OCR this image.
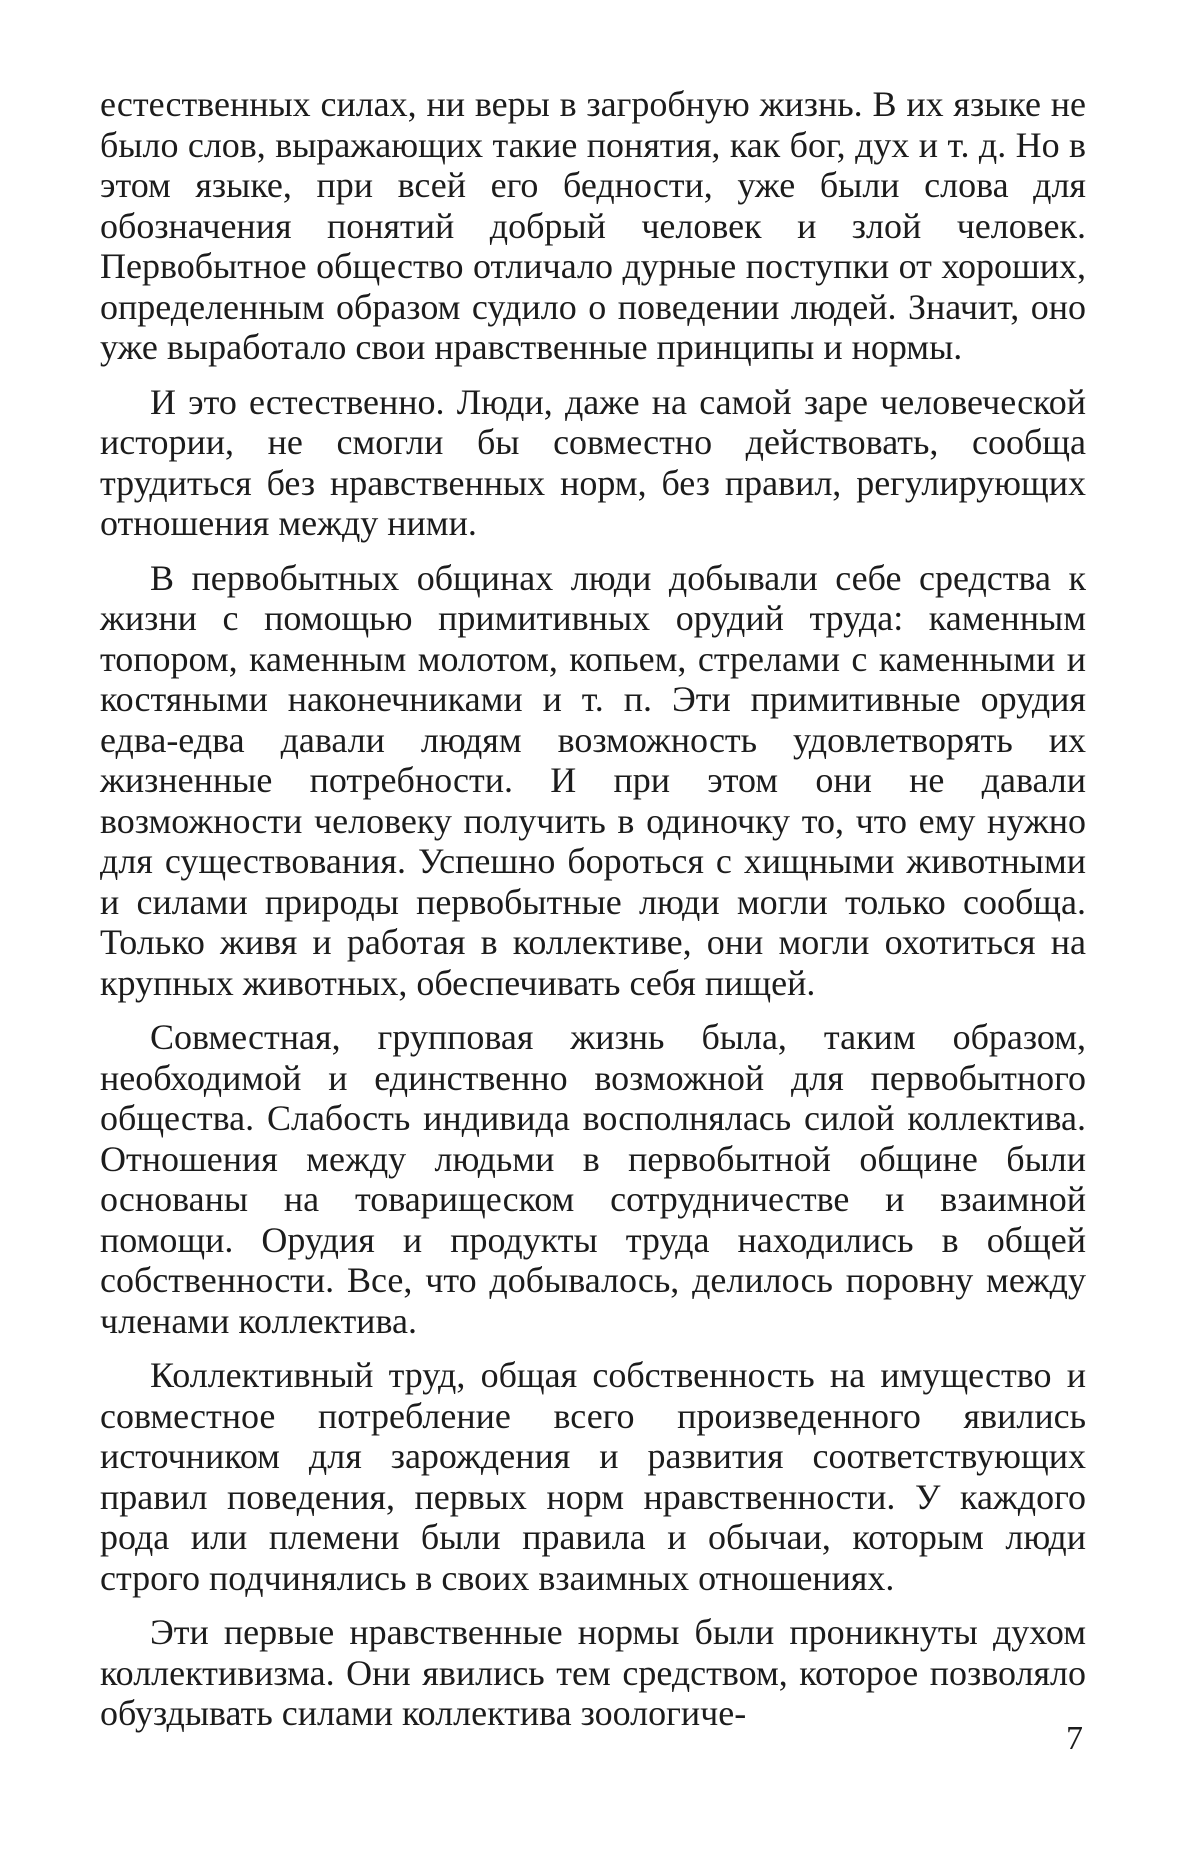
естественных силах, ни веры в загробную жизнь. В их языке не было слов, выражающих такие понятия, как бог, дух и т. д. Но в этом языке, при всей его бедности, уже были слова для обозначения понятий добрый человек и злой человек. Первобытное общество отличало дурные поступки от хороших, определенным образом судило о поведении людей. Значит, оно уже выработало свои нравственные принципы и нормы.

И это естественно. Люди, даже на самой заре человеческой истории, не смогли бы совместно действовать, сообща трудиться без нравственных норм, без правил, регулирующих отношения между ними.

В первобытных общинах люди добывали себе средства к жизни с помощью примитивных орудий труда: каменным топором, каменным молотом, копьем, стрелами с каменными и костяными наконечниками и т. п. Эти примитивные орудия едва-едва давали людям возможность удовлетворять их жизненные потребности. И при этом они не давали возможности человеку получить в одиночку то, что ему нужно для существования. Успешно бороться с хищными животными и силами природы первобытные люди могли только сообща. Только живя и работая в коллективе, они могли охотиться на крупных животных, обеспечивать себя пищей.

Совместная, групповая жизнь была, таким образом, необходимой и единственно возможной для первобытного общества. Слабость индивида восполнялась силой коллектива. Отношения между людьми в первобытной общине были основаны на товарищеском сотрудничестве и взаимной помощи. Орудия и продукты труда находились в общей собственности. Все, что добывалось, делилось поровну между членами коллектива.

Коллективный труд, общая собственность на имущество и совместное потребление всего произведенного явились источником для зарождения и развития соответствующих правил поведения, первых норм нравственности. У каждого рода или племени были правила и обычаи, которым люди строго подчинялись в своих взаимных отношениях.

Эти первые нравственные нормы были проникнуты духом коллективизма. Они явились тем средством, которое позволяло обуздывать силами коллектива зоологиче-

7
